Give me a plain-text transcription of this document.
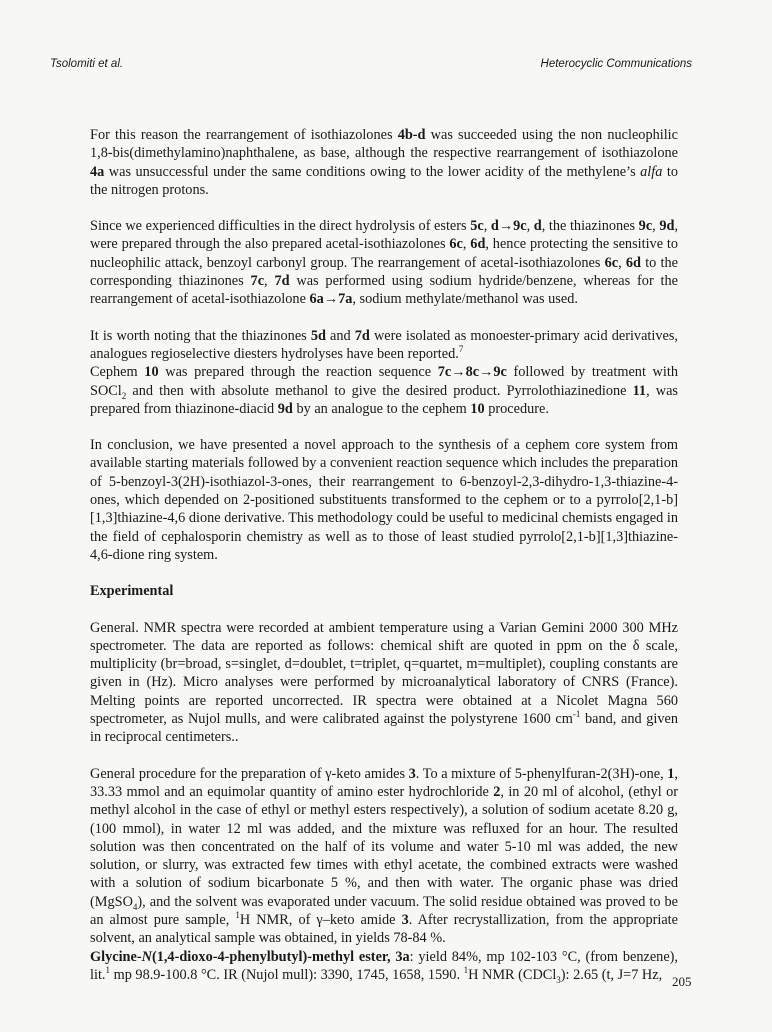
Tsolomiti et al.	Heterocyclic Communications

For this reason the rearrangement of isothiazolones 4b-d was succeeded using the non nucleophilic 1,8-bis(dimethylamino)naphthalene, as base, although the respective rearrangement of isothiazolone 4a was unsuccessful under the same conditions owing to the lower acidity of the methylene’s alfa to the nitrogen protons.

Since we experienced difficulties in the direct hydrolysis of esters 5c, d→9c, d, the thiazinones 9c, 9d, were prepared through the also prepared acetal-isothiazolones 6c, 6d, hence protecting the sensitive to nucleophilic attack, benzoyl carbonyl group. The rearrangement of acetal-isothiazolones 6c, 6d to the corresponding thiazinones 7c, 7d was performed using sodium hydride/benzene, whereas for the rearrangement of acetal-isothiazolone 6a→7a, sodium methylate/methanol was used.

It is worth noting that the thiazinones 5d and 7d were isolated as monoester-primary acid derivatives, analogues regioselective diesters hydrolyses have been reported.$^7$

Cephem 10 was prepared through the reaction sequence 7c→8c→9c followed by treatment with SOCl$_2$ and then with absolute methanol to give the desired product. Pyrrolothiazinedione 11, was prepared from thiazinone-diacid 9d by an analogue to the cephem 10 procedure.

In conclusion, we have presented a novel approach to the synthesis of a cephem core system from available starting materials followed by a convenient reaction sequence which includes the preparation of 5-benzoyl-3(2H)-isothiazol-3-ones, their rearrangement to 6-benzoyl-2,3-dihydro-1,3-thiazine-4-ones, which depended on 2-positioned substituents transformed to the cephem or to a pyrrolo[2,1-b][1,3]thiazine-4,6 dione derivative. This methodology could be useful to medicinal chemists engaged in the field of cephalosporin chemistry as well as to those of least studied pyrrolo[2,1-b][1,3]thiazine-4,6-dione ring system.

Experimental

General. NMR spectra were recorded at ambient temperature using a Varian Gemini 2000 300 MHz spectrometer. The data are reported as follows: chemical shift are quoted in ppm on the δ scale, multiplicity (br=broad, s=singlet, d=doublet, t=triplet, q=quartet, m=multiplet), coupling constants are given in (Hz). Micro analyses were performed by microanalytical laboratory of CNRS (France). Melting points are reported uncorrected. IR spectra were obtained at a Nicolet Magna 560 spectrometer, as Nujol mulls, and were calibrated against the polystyrene 1600 $cm^{-1}$ band, and given in reciprocal centimeters..

General procedure for the preparation of γ-keto amides 3. To a mixture of 5-phenylfuran-2(3H)-one, 1, 33.33 mmol and an equimolar quantity of amino ester hydrochloride 2, in 20 ml of alcohol, (ethyl or methyl alcohol in the case of ethyl or methyl esters respectively), a solution of sodium acetate 8.20 g, (100 mmol), in water 12 ml was added, and the mixture was refluxed for an hour. The resulted solution was then concentrated on the half of its volume and water 5-10 ml was added, the new solution, or slurry, was extracted few times with ethyl acetate, the combined extracts were washed with a solution of sodium bicarbonate 5 %, and then with water. The organic phase was dried (MgSO$_4$), and the solvent was evaporated under vacuum. The solid residue obtained was proved to be an almost pure sample, $^1$H NMR, of γ–keto amide 3. After recrystallization, from the appropriate solvent, an analytical sample was obtained, in yields 78-84 %.

Glycine-N(1,4-dioxo-4-phenylbutyl)-methyl ester, 3a: yield 84%, mp 102-103 °C, (from benzene), lit.$^1$ mp 98.9-100.8 °C. IR (Nujol mull): 3390, 1745, 1658, 1590. $^1$H NMR (CDCl$_3$): 2.65 (t, J=7 Hz, 205
